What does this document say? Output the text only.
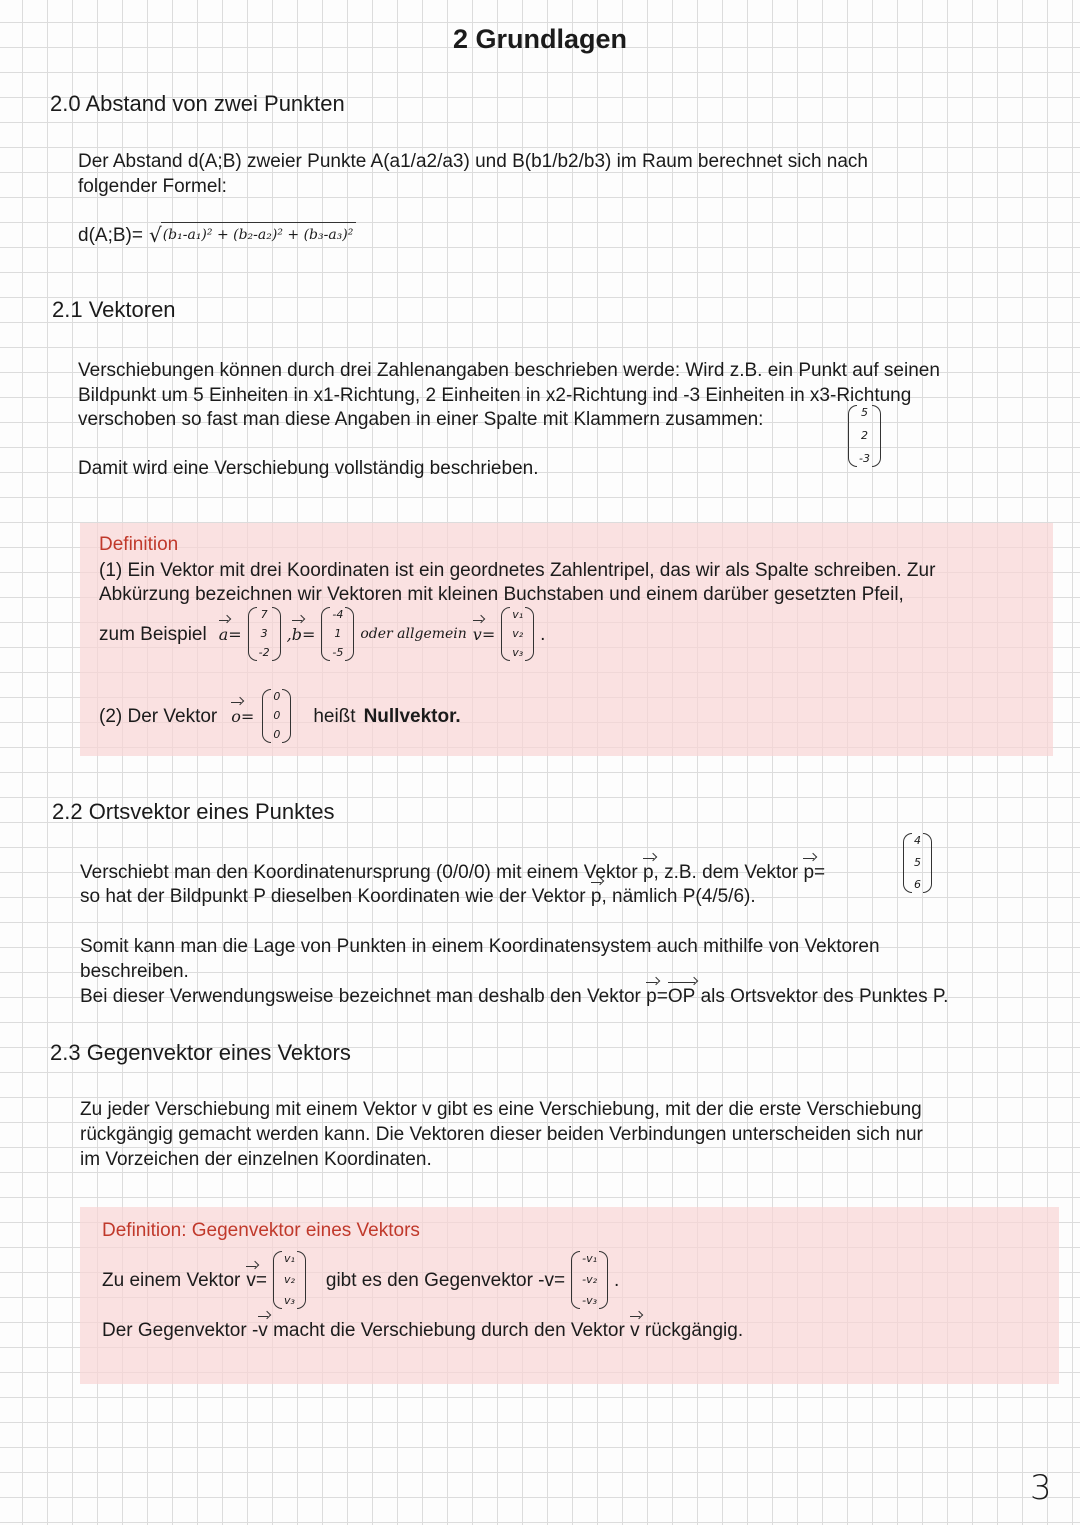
2 Grundlagen
2.0 Abstand von zwei Punkten
Der Abstand d(A;B) zweier Punkte A(a1/a2/a3) und B(b1/b2/b3) im Raum berechnet sich nach
folgender Formel:
d(A;B)= √ (b₁-a₁)² + (b₂-a₂)² + (b₃-a₃)²
2.1 Vektoren
Verschiebungen können durch drei Zahlenangaben beschrieben werde: Wird z.B. ein Punkt auf seinen
Bildpunkt um 5 Einheiten in x1-Richtung, 2 Einheiten in x2-Richtung ind -3 Einheiten in x3-Richtung
verschoben so fast man diese Angaben in einer Spalte mit Klammern zusammen:	5
2
-3
Damit wird eine Verschiebung vollständig beschrieben.
Definition
(1) Ein Vektor mit drei Koordinaten ist ein geordnetes Zahlentripel, das wir als Spalte schreiben. Zur
Abkürzung bezeichnen wir Vektoren mit kleinen Buchstaben und einem darüber gesetzten Pfeil,
zum Beispiel a=
7
3
-2
,b=
-4
1
-5
oder allgemein v=
v₁
v₂
v₃
.
(2) Der Vektor o=
0
0
0
heißt Nullvektor.
2.2 Ortsvektor eines Punktes
Verschiebt man den Koordinatenursprung (0/0/0) mit einem Vektor
p , z.B. dem Vektor
p =
4
5
6
so hat der Bildpunkt P dieselben Koordinaten wie der Vektor
p , nämlich P(4/5/6).
Somit kann man die Lage von Punkten in einem Koordinatensystem auch mithilfe von Vektoren
beschreiben.
Bei dieser Verwendungsweise bezeichnet man deshalb den Vektor
p = OP
als Ortsvektor des Punktes P.
2.3 Gegenvektor eines Vektors
Zu jeder Verschiebung mit einem Vektor v gibt es eine Verschiebung, mit der die erste Verschiebung
rückgängig gemacht werden kann. Die Vektoren dieser beiden Verbindungen unterscheiden sich nur
im Vorzeichen der einzelnen Koordinaten.
Definition: Gegenvektor eines Vektors
Zu einem Vektor v=
v₁
v₂
v₃
gibt es den Gegenvektor -v=
-v₁
-v₂
-v₃
.
Der Gegenvektor - v
macht die Verschiebung durch den Vektor
v
rückgängig.
3
